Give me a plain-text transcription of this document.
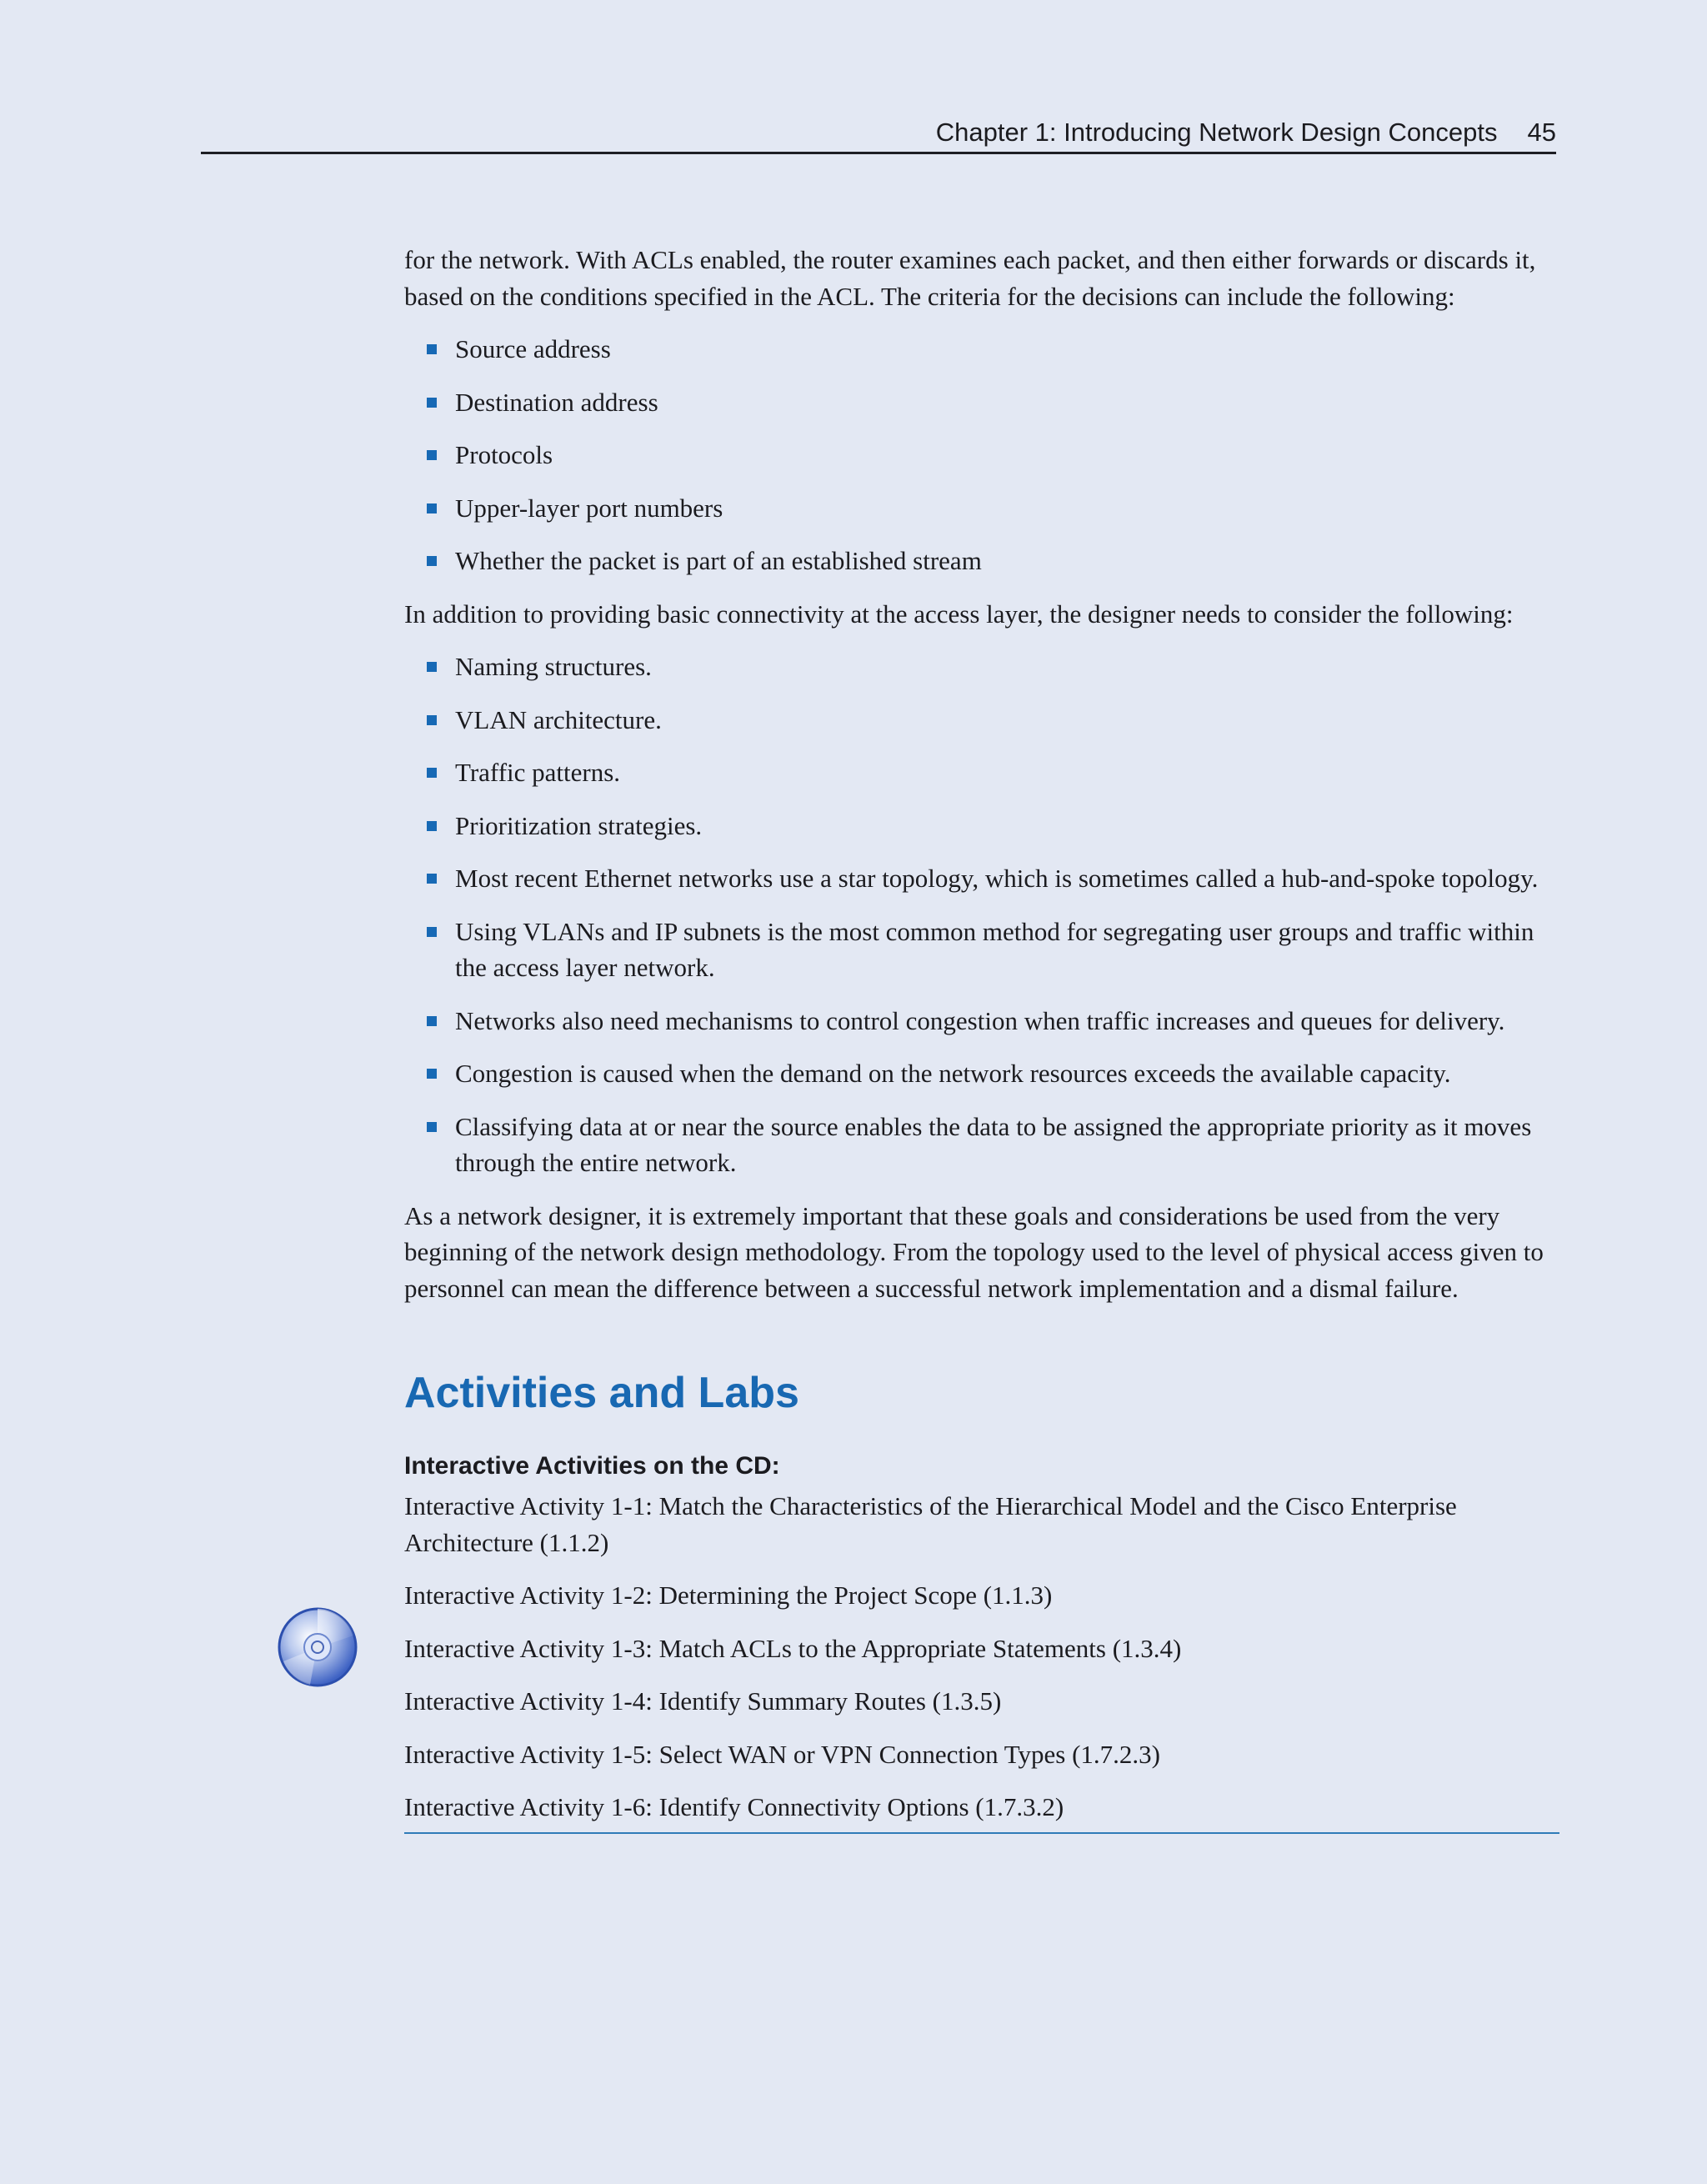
Chapter 1: Introducing Network Design Concepts 45

for the network. With ACLs enabled, the router examines each packet, and then either forwards or discards it, based on the conditions specified in the ACL. The criteria for the decisions can include the following:

Source address
Destination address
Protocols
Upper-layer port numbers
Whether the packet is part of an established stream

In addition to providing basic connectivity at the access layer, the designer needs to consider the following:

Naming structures.
VLAN architecture.
Traffic patterns.
Prioritization strategies.
Most recent Ethernet networks use a star topology, which is sometimes called a hub-and-spoke topology.
Using VLANs and IP subnets is the most common method for segregating user groups and traffic within the access layer network.
Networks also need mechanisms to control congestion when traffic increases and queues for delivery.
Congestion is caused when the demand on the network resources exceeds the available capacity.
Classifying data at or near the source enables the data to be assigned the appropriate priority as it moves through the entire network.

As a network designer, it is extremely important that these goals and considerations be used from the very beginning of the network design methodology. From the topology used to the level of physical access given to personnel can mean the difference between a successful network implementation and a dismal failure.

Activities and Labs
Interactive Activities on the CD:

Interactive Activity 1-1: Match the Characteristics of the Hierarchical Model and the Cisco Enterprise Architecture (1.1.2)

Interactive Activity 1-2: Determining the Project Scope (1.1.3)

Interactive Activity 1-3: Match ACLs to the Appropriate Statements (1.3.4)

Interactive Activity 1-4: Identify Summary Routes (1.3.5)

Interactive Activity 1-5: Select WAN or VPN Connection Types (1.7.2.3)

Interactive Activity 1-6: Identify Connectivity Options (1.7.3.2)
